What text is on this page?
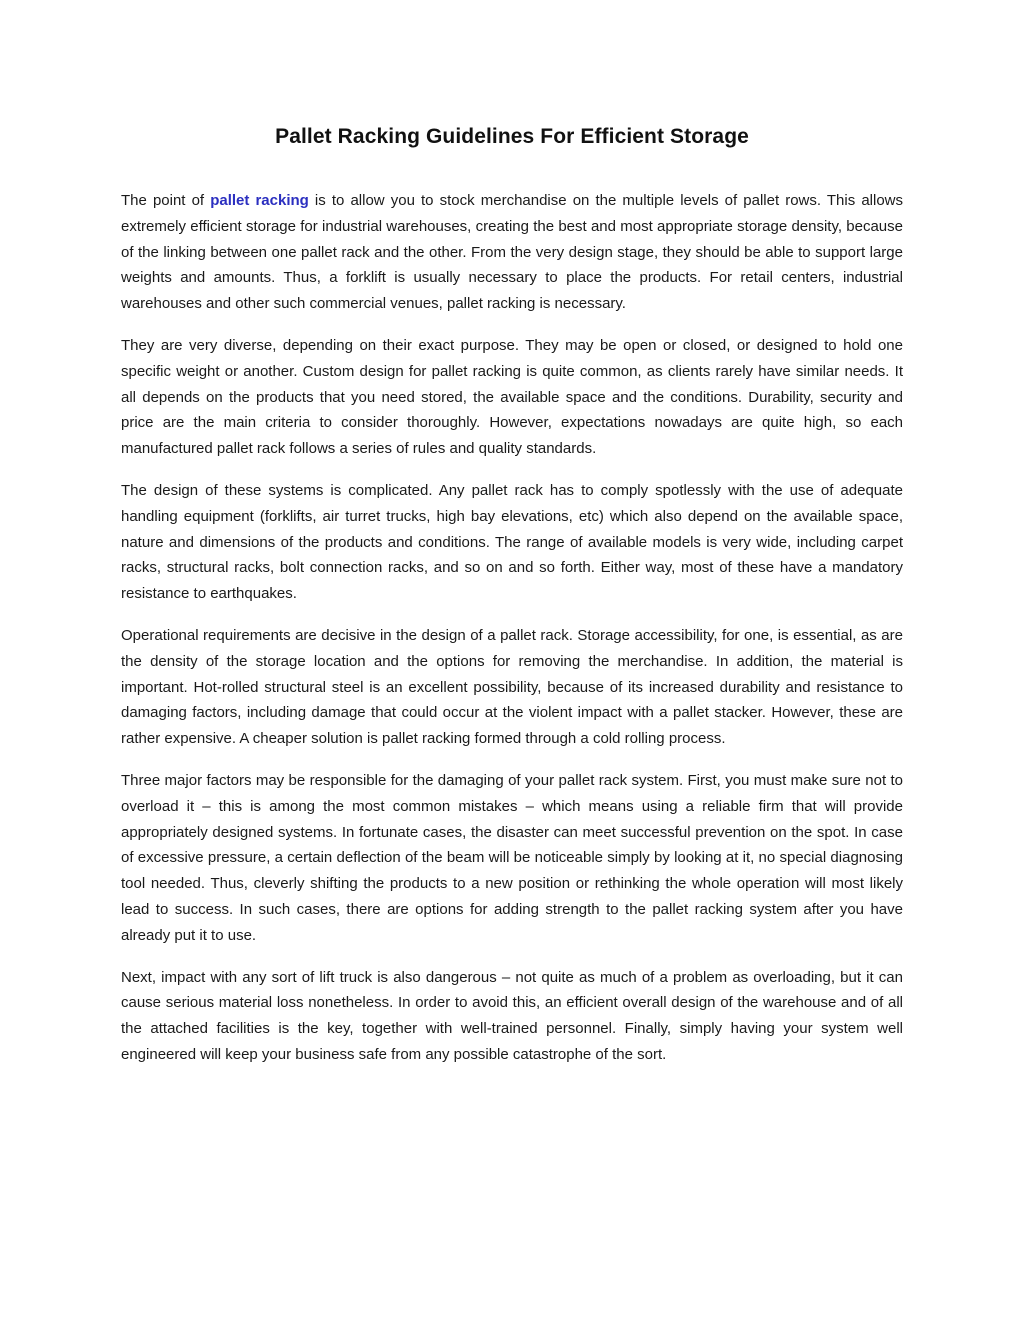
Pallet Racking Guidelines For Efficient Storage

The point of pallet racking is to allow you to stock merchandise on the multiple levels of pallet rows. This allows extremely efficient storage for industrial warehouses, creating the best and most appropriate storage density, because of the linking between one pallet rack and the other. From the very design stage, they should be able to support large weights and amounts. Thus, a forklift is usually necessary to place the products. For retail centers, industrial warehouses and other such commercial venues, pallet racking is necessary.

They are very diverse, depending on their exact purpose. They may be open or closed, or designed to hold one specific weight or another. Custom design for pallet racking is quite common, as clients rarely have similar needs. It all depends on the products that you need stored, the available space and the conditions. Durability, security and price are the main criteria to consider thoroughly. However, expectations nowadays are quite high, so each manufactured pallet rack follows a series of rules and quality standards.

The design of these systems is complicated. Any pallet rack has to comply spotlessly with the use of adequate handling equipment (forklifts, air turret trucks, high bay elevations, etc) which also depend on the available space, nature and dimensions of the products and conditions. The range of available models is very wide, including carpet racks, structural racks, bolt connection racks, and so on and so forth. Either way, most of these have a mandatory resistance to earthquakes.

Operational requirements are decisive in the design of a pallet rack. Storage accessibility, for one, is essential, as are the density of the storage location and the options for removing the merchandise. In addition, the material is important. Hot-rolled structural steel is an excellent possibility, because of its increased durability and resistance to damaging factors, including damage that could occur at the violent impact with a pallet stacker. However, these are rather expensive. A cheaper solution is pallet racking formed through a cold rolling process.

Three major factors may be responsible for the damaging of your pallet rack system. First, you must make sure not to overload it – this is among the most common mistakes – which means using a reliable firm that will provide appropriately designed systems. In fortunate cases, the disaster can meet successful prevention on the spot. In case of excessive pressure, a certain deflection of the beam will be noticeable simply by looking at it, no special diagnosing tool needed. Thus, cleverly shifting the products to a new position or rethinking the whole operation will most likely lead to success. In such cases, there are options for adding strength to the pallet racking system after you have already put it to use.

Next, impact with any sort of lift truck is also dangerous – not quite as much of a problem as overloading, but it can cause serious material loss nonetheless. In order to avoid this, an efficient overall design of the warehouse and of all the attached facilities is the key, together with well-trained personnel. Finally, simply having your system well engineered will keep your business safe from any possible catastrophe of the sort.
